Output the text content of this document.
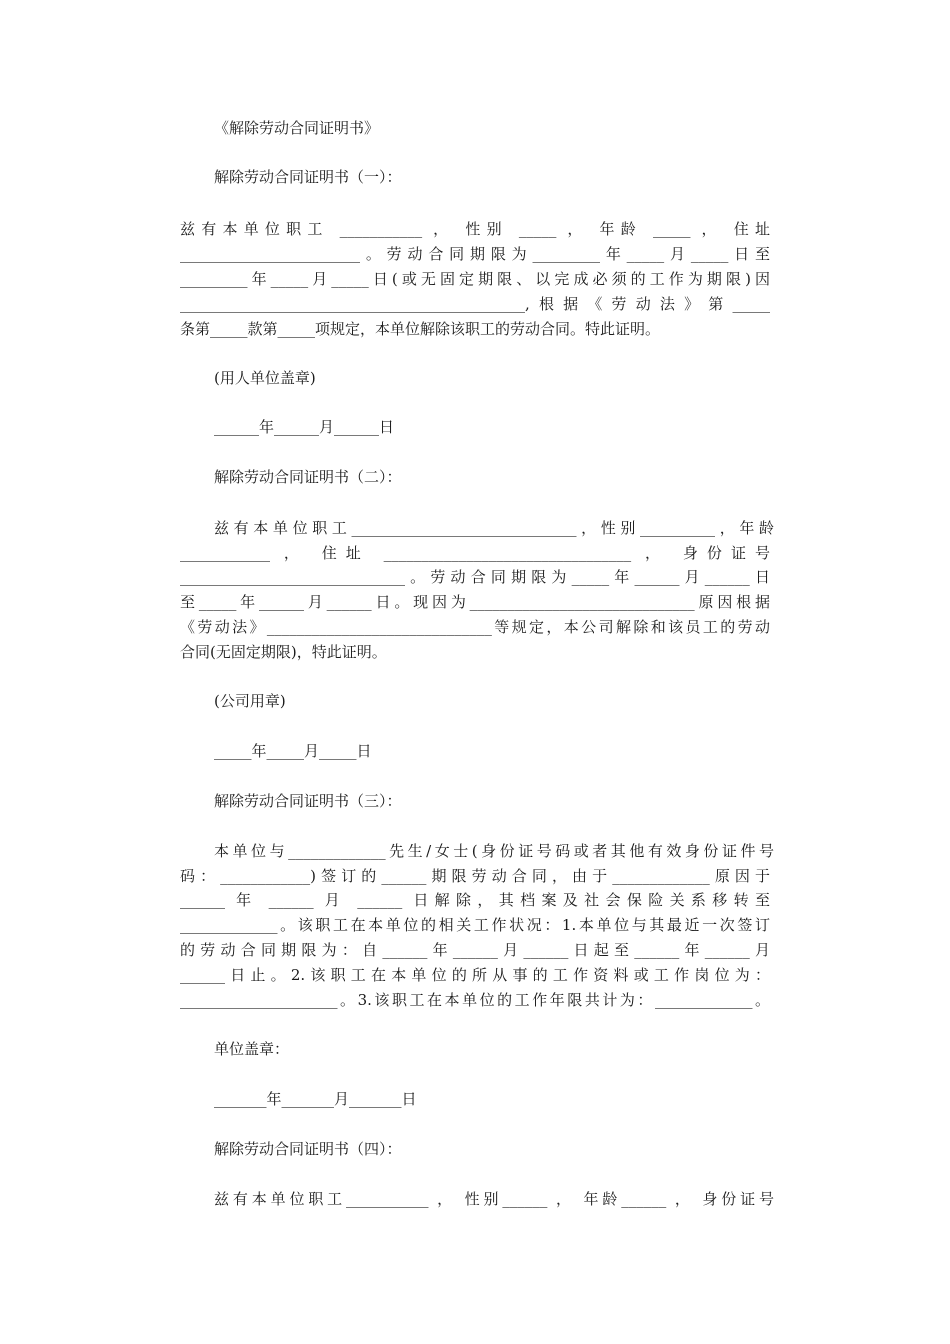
《解除劳动合同证明书》
解除劳动合同证明书（一）：
兹有本单位职工 ___________ ， 性别 _____ ， 年龄 _____ ， 住址
________________________。劳动合同期限为_________年_____月_____日至
_________年_____月_____日(或无固定期限、以完成必须的工作为期限)因
______________________________________________,根据《劳动法》第_____
条第_____款第_____项规定，本单位解除该职工的劳动合同。特此证明。
(用人单位盖章)
______年______月______日
解除劳动合同证明书（二）：
兹有本单位职工______________________________，性别__________，年龄
____________ ， 住址 _________________________________ ， 身份证号
______________________________。劳动合同期限为_____年______月______日
至_____年______月______日。现因为______________________________原因根据
《劳动法》______________________________等规定，本公司解除和该员工的劳动
合同(无固定期限)，特此证明。
(公司用章)
_____年_____月_____日
解除劳动合同证明书（三）：
本单位与_____________先生/女士(身份证号码或者其他有效身份证件号
码：____________)签订的______期限劳动合同，由于_____________原因于
______ 年 ______ 月 ______ 日解除，其档案及社会保险关系移转至
_____________。该职工在本单位的相关工作状况：1.本单位与其最近一次签订
的劳动合同期限为：自______年______月______日起至______年______月
______日止。2.该职工在本单位的所从事的工作资料或工作岗位为：
_____________________。3.该职工在本单位的工作年限共计为：_____________。
单位盖章：
_______年_______月_______日
解除劳动合同证明书（四）：
兹有本单位职工___________ ， 性别______ ， 年龄______ ， 身份证号
